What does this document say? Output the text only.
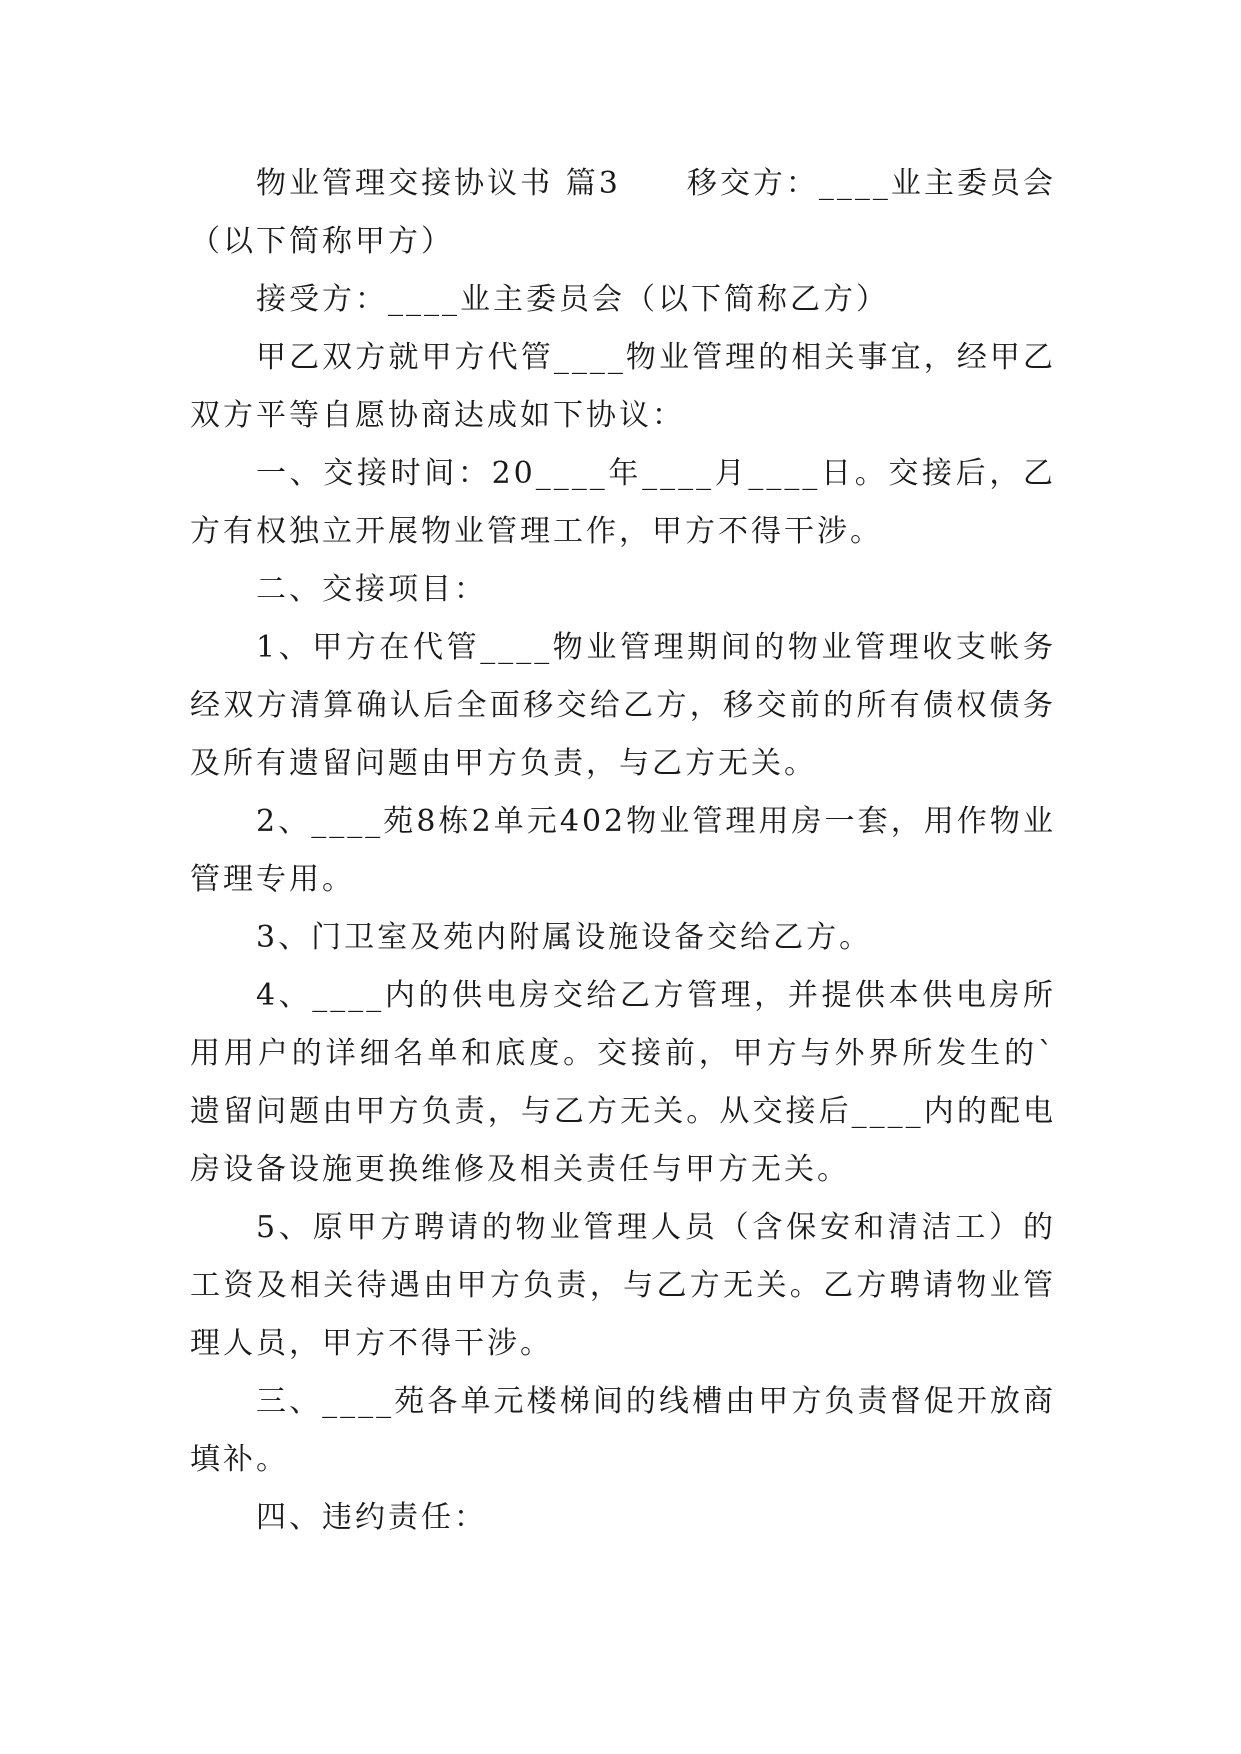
物业管理交接协议书 篇3　　移交方：____业主委员会（以下简称甲方）

接受方：____业主委员会（以下简称乙方）

甲乙双方就甲方代管____物业管理的相关事宜，经甲乙双方平等自愿协商达成如下协议：

一、交接时间：20____年____月____日。交接后，乙方有权独立开展物业管理工作，甲方不得干涉。

二、交接项目：

1、甲方在代管____物业管理期间的物业管理收支帐务经双方清算确认后全面移交给乙方，移交前的所有债权债务及所有遗留问题由甲方负责，与乙方无关。

2、____苑8栋2单元402物业管理用房一套，用作物业管理专用。

3、门卫室及苑内附属设施设备交给乙方。

4、____内的供电房交给乙方管理，并提供本供电房所用用户的详细名单和底度。交接前，甲方与外界所发生的`遗留问题由甲方负责，与乙方无关。从交接后____内的配电房设备设施更换维修及相关责任与甲方无关。

5、原甲方聘请的物业管理人员（含保安和清洁工）的工资及相关待遇由甲方负责，与乙方无关。乙方聘请物业管理人员，甲方不得干涉。

三、____苑各单元楼梯间的线槽由甲方负责督促开放商填补。

四、违约责任：
